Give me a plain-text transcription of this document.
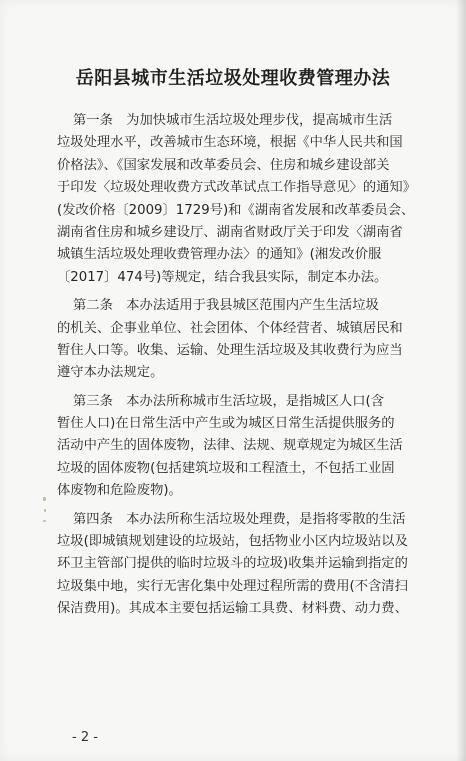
岳阳县城市生活垃圾处理收费管理办法
第一条　为加快城市生活垃圾处理步伐，提高城市生活
垃圾处理水平，改善城市生态环境，根据《中华人民共和国
价格法》、《国家发展和改革委员会、住房和城乡建设部关
于印发〈垃圾处理收费方式改革试点工作指导意见〉的通知》
(发改价格〔2009〕1729号)和《湖南省发展和改革委员会、
湖南省住房和城乡建设厅、湖南省财政厅关于印发〈湖南省
城镇生活垃圾处理收费管理办法〉的通知》(湘发改价服
〔2017〕474号)等规定，结合我县实际，制定本办法。
第二条　本办法适用于我县城区范围内产生生活垃圾
的机关、企事业单位、社会团体、个体经营者、城镇居民和
暂住人口等。收集、运输、处理生活垃圾及其收费行为应当
遵守本办法规定。
第三条　本办法所称城市生活垃圾，是指城区人口(含
暂住人口)在日常生活中产生或为城区日常生活提供服务的
活动中产生的固体废物，法律、法规、规章规定为城区生活
垃圾的固体废物(包括建筑垃圾和工程渣土，不包括工业固
体废物和危险废物)。
第四条　本办法所称生活垃圾处理费，是指将零散的生活
垃圾(即城镇规划建设的垃圾站，包括物业小区内垃圾站以及
环卫主管部门提供的临时垃圾斗的垃圾)收集并运输到指定的
垃圾集中地，实行无害化集中处理过程所需的费用(不含清扫
保洁费用)。其成本主要包括运输工具费、材料费、动力费、
- 2 -
